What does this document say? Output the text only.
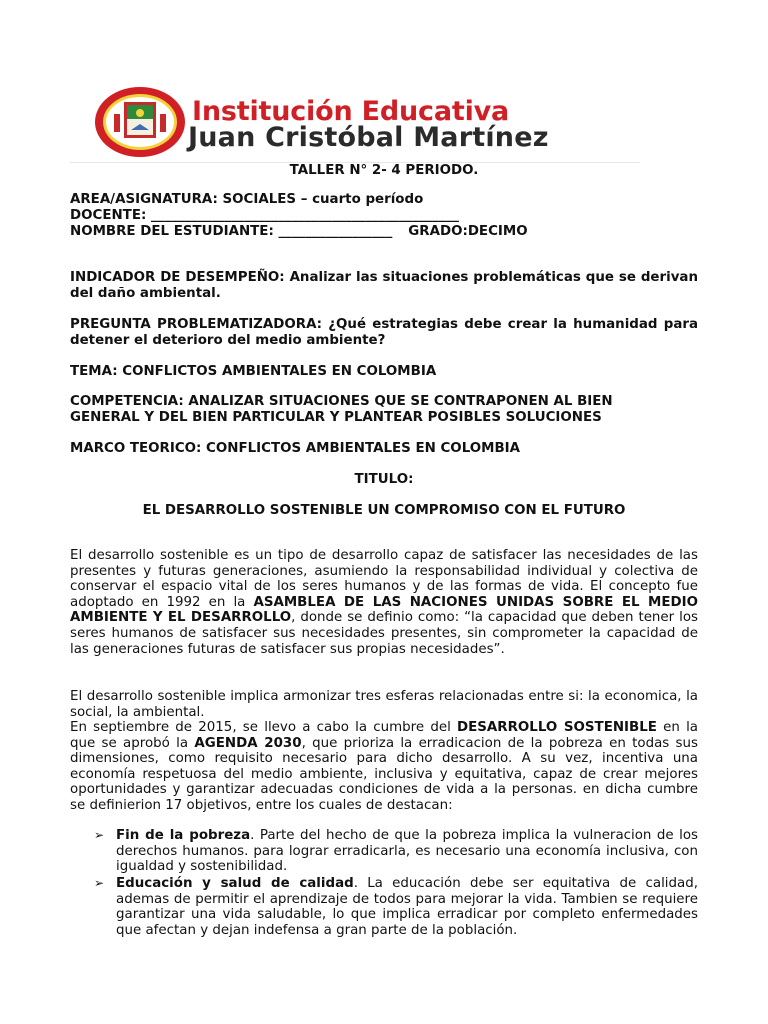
Institución Educativa
Juan Cristóbal Martínez
TALLER N° 2- 4 PERIODO.
AREA/ASIGNATURA: SOCIALES – cuarto período
DOCENTE: ______________________________________________
NOMBRE DEL ESTUDIANTE: _________________ GRADO:DECIMO
INDICADOR DE DESEMPEÑO: Analizar las situaciones problemáticas que se derivan del daño ambiental.
PREGUNTA PROBLEMATIZADORA: ¿Qué estrategias debe crear la humanidad para detener el deterioro del medio ambiente?
TEMA: CONFLICTOS AMBIENTALES EN COLOMBIA
COMPETENCIA: ANALIZAR SITUACIONES QUE SE CONTRAPONEN AL BIEN
GENERAL Y DEL BIEN PARTICULAR Y PLANTEAR POSIBLES SOLUCIONES
MARCO TEORICO: CONFLICTOS AMBIENTALES EN COLOMBIA
TITULO:
EL DESARROLLO SOSTENIBLE UN COMPROMISO CON EL FUTURO
El desarrollo sostenible es un tipo de desarrollo capaz de satisfacer las necesidades de las presentes y futuras generaciones, asumiendo la responsabilidad individual y colectiva de conservar el espacio vital de los seres humanos y de las formas de vida. El concepto fue adoptado en 1992 en la ASAMBLEA DE LAS NACIONES UNIDAS SOBRE EL MEDIO AMBIENTE Y EL DESARROLLO, donde se definio como: “la capacidad que deben tener los seres humanos de satisfacer sus necesidades presentes, sin comprometer la capacidad de las generaciones futuras de satisfacer sus propias necesidades”.
El desarrollo sostenible implica armonizar tres esferas relacionadas entre si: la economica, la social, la ambiental.
En septiembre de 2015, se llevo a cabo la cumbre del DESARROLLO SOSTENIBLE en la que se aprobó la AGENDA 2030, que prioriza la erradicacion de la pobreza en todas sus dimensiones, como requisito necesario para dicho desarrollo. A su vez, incentiva una economía respetuosa del medio ambiente, inclusiva y equitativa, capaz de crear mejores oportunidades y garantizar adecuadas condiciones de vida a la personas. en dicha cumbre se definierion 17 objetivos, entre los cuales de destacan:
➢ Fin de la pobreza. Parte del hecho de que la pobreza implica la vulneracion de los derechos humanos. para lograr erradicarla, es necesario una economía inclusiva, con igualdad y sostenibilidad.
➢ Educación y salud de calidad. La educación debe ser equitativa de calidad, ademas de permitir el aprendizaje de todos para mejorar la vida. Tambien se requiere garantizar una vida saludable, lo que implica erradicar por completo enfermedades que afectan y dejan indefensa a gran parte de la población.
